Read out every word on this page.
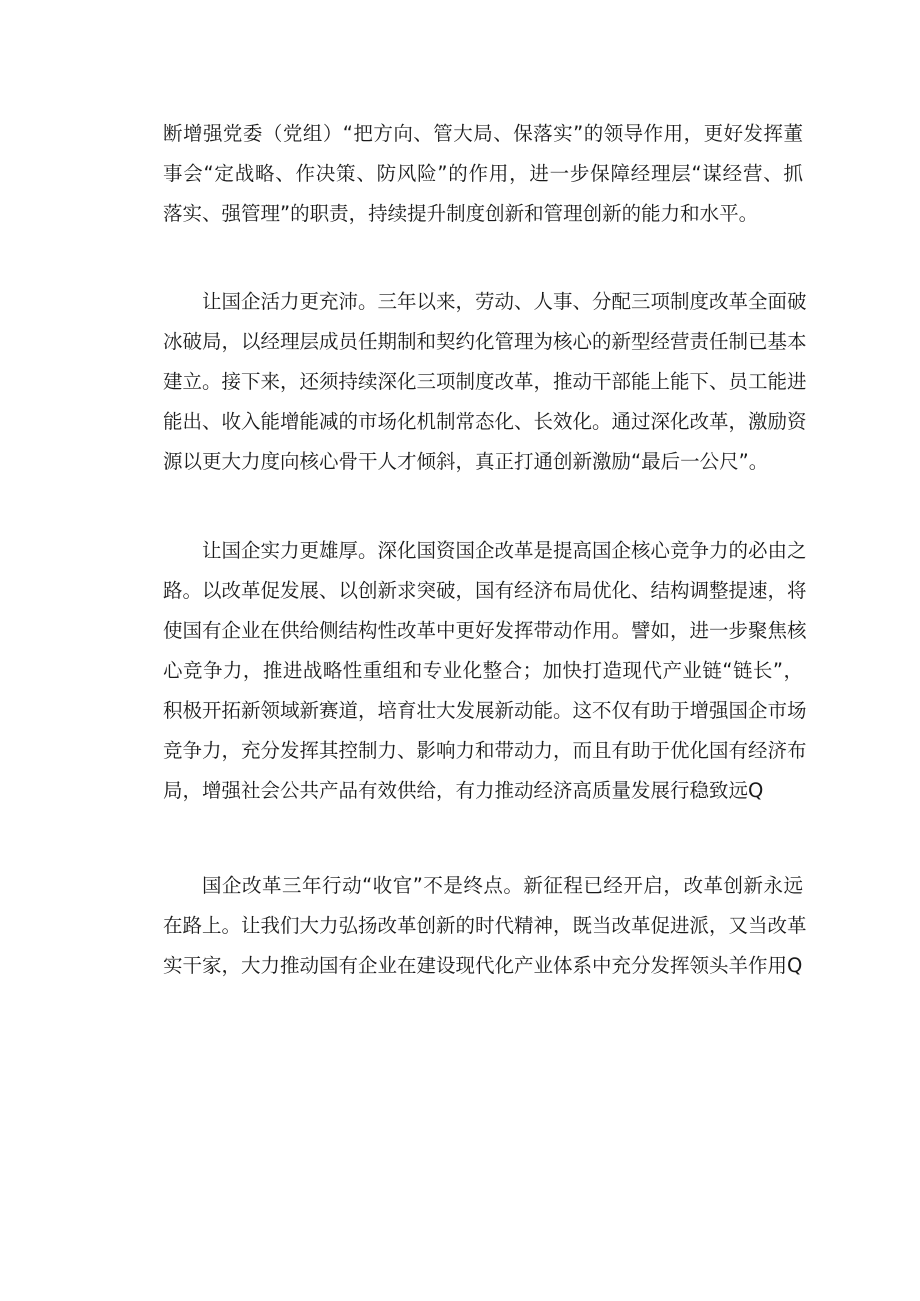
断增强党委（党组）“把方向、管大局、保落实”的领导作用，更好发挥董
事会“定战略、作决策、防风险”的作用，进一步保障经理层“谋经营、抓
落实、强管理”的职责，持续提升制度创新和管理创新的能力和水平。
让国企活力更充沛。三年以来，劳动、人事、分配三项制度改革全面破
冰破局，以经理层成员任期制和契约化管理为核心的新型经营责任制已基本
建立。接下来，还须持续深化三项制度改革，推动干部能上能下、员工能进
能出、收入能增能减的市场化机制常态化、长效化。通过深化改革，激励资
源以更大力度向核心骨干人才倾斜，真正打通创新激励“最后一公尺”。
让国企实力更雄厚。深化国资国企改革是提高国企核心竞争力的必由之
路。以改革促发展、以创新求突破，国有经济布局优化、结构调整提速，将
使国有企业在供给侧结构性改革中更好发挥带动作用。譬如，进一步聚焦核
心竞争力，推进战略性重组和专业化整合；加快打造现代产业链“链长”，
积极开拓新领域新赛道，培育壮大发展新动能。这不仅有助于增强国企市场
竞争力，充分发挥其控制力、影响力和带动力，而且有助于优化国有经济布
局，增强社会公共产品有效供给，有力推动经济高质量发展行稳致远Q
国企改革三年行动“收官”不是终点。新征程已经开启，改革创新永远
在路上。让我们大力弘扬改革创新的时代精神，既当改革促进派，又当改革
实干家，大力推动国有企业在建设现代化产业体系中充分发挥领头羊作用Q
